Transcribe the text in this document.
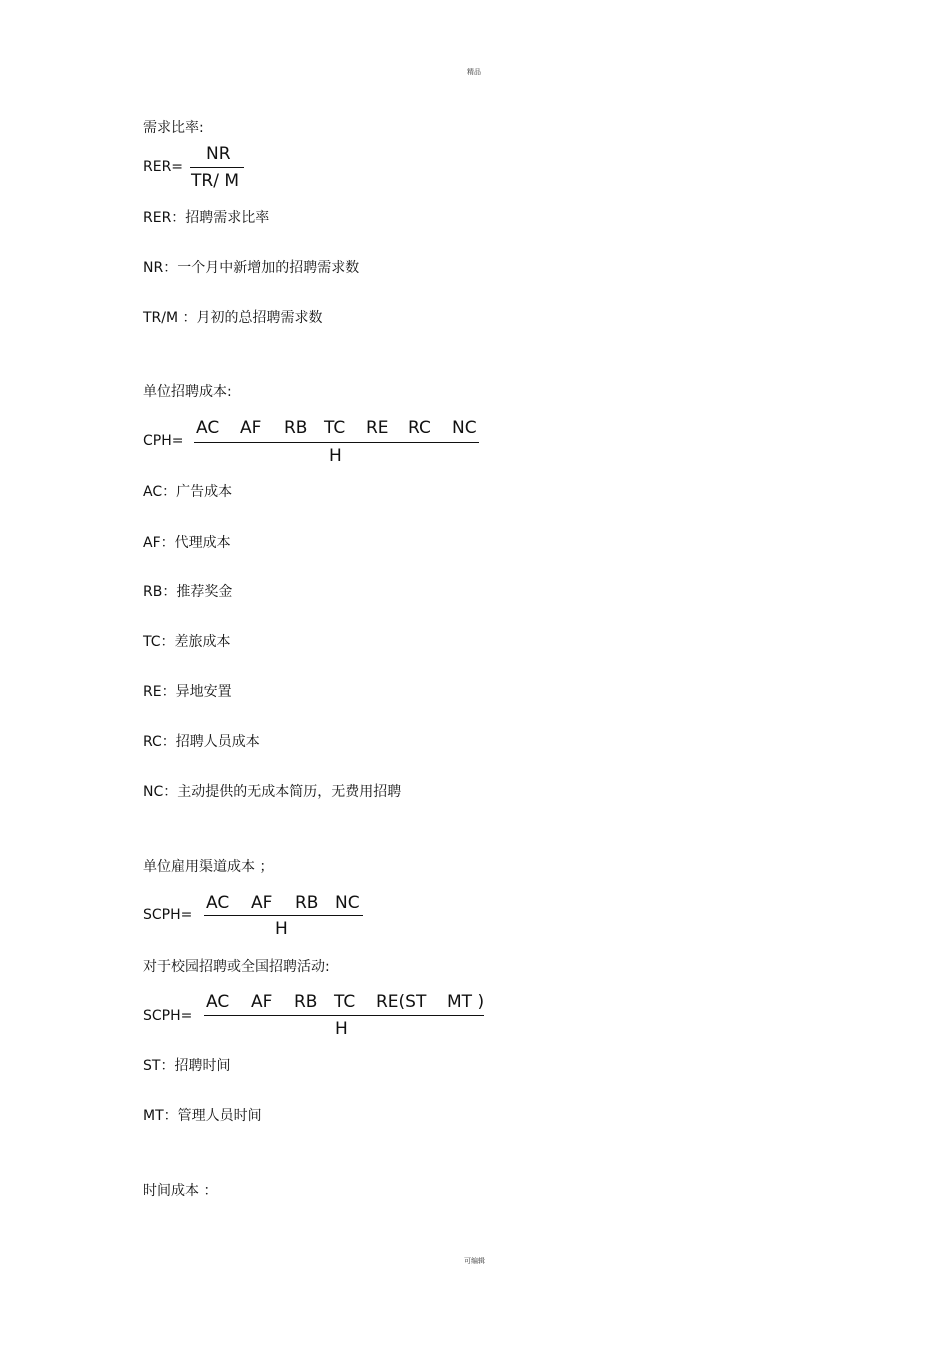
精品
需求比率:
RER=
NR
TR/ M
RER：招聘需求比率
NR：一个月中新增加的招聘需求数
TR/M ：月初的总招聘需求数
单位招聘成本:
CPH=
AC AF RB TC RE RC NC
H
AC：广告成本
AF：代理成本
RB：推荐奖金
TC：差旅成本
RE：异地安置
RC：招聘人员成本
NC：主动提供的无成本简历，无费用招聘
单位雇用渠道成本 ；
SCPH=
AC AF RB NC
H
对于校园招聘或全国招聘活动:
SCPH=
AC AF RB TC RE(ST MT )
H
ST：招聘时间
MT：管理人员时间
时间成本 ：
可编辑
